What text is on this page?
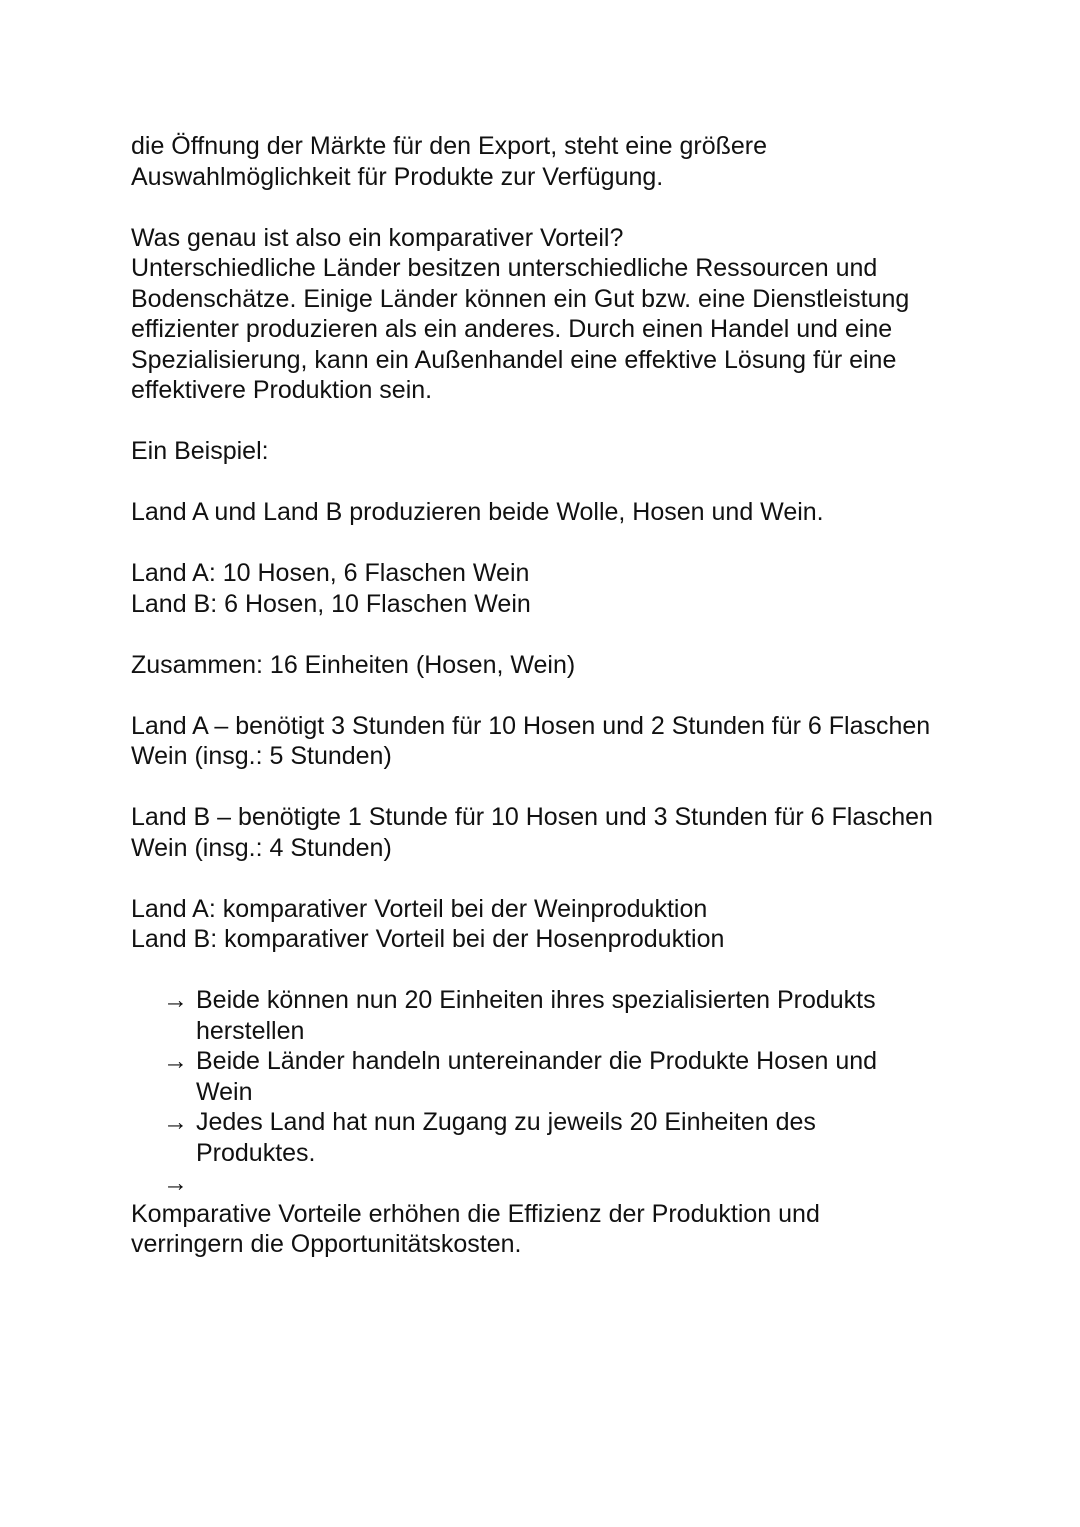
die Öffnung der Märkte für den Export, steht eine größere
Auswahlmöglichkeit für Produkte zur Verfügung.

Was genau ist also ein komparativer Vorteil?
Unterschiedliche Länder besitzen unterschiedliche Ressourcen und
Bodenschätze. Einige Länder können ein Gut bzw. eine Dienstleistung
effizienter produzieren als ein anderes. Durch einen Handel und eine
Spezialisierung, kann ein Außenhandel eine effektive Lösung für eine
effektivere Produktion sein.

Ein Beispiel:

Land A und Land B produzieren beide Wolle, Hosen und Wein.

Land A: 10 Hosen, 6 Flaschen Wein
Land B: 6 Hosen, 10 Flaschen Wein

Zusammen: 16 Einheiten (Hosen, Wein)

Land A – benötigt 3 Stunden für 10 Hosen und 2 Stunden für 6 Flaschen
Wein (insg.: 5 Stunden)

Land B – benötigte 1 Stunde für 10 Hosen und 3 Stunden für 6 Flaschen
Wein (insg.: 4 Stunden)

Land A: komparativer Vorteil bei der Weinproduktion
Land B: komparativer Vorteil bei der Hosenproduktion

→ Beide können nun 20 Einheiten ihres spezialisierten Produkts
herstellen
→ Beide Länder handeln untereinander die Produkte Hosen und
Wein
→ Jedes Land hat nun Zugang zu jeweils 20 Einheiten des
Produktes.
→

Komparative Vorteile erhöhen die Effizienz der Produktion und
verringern die Opportunitätskosten.
